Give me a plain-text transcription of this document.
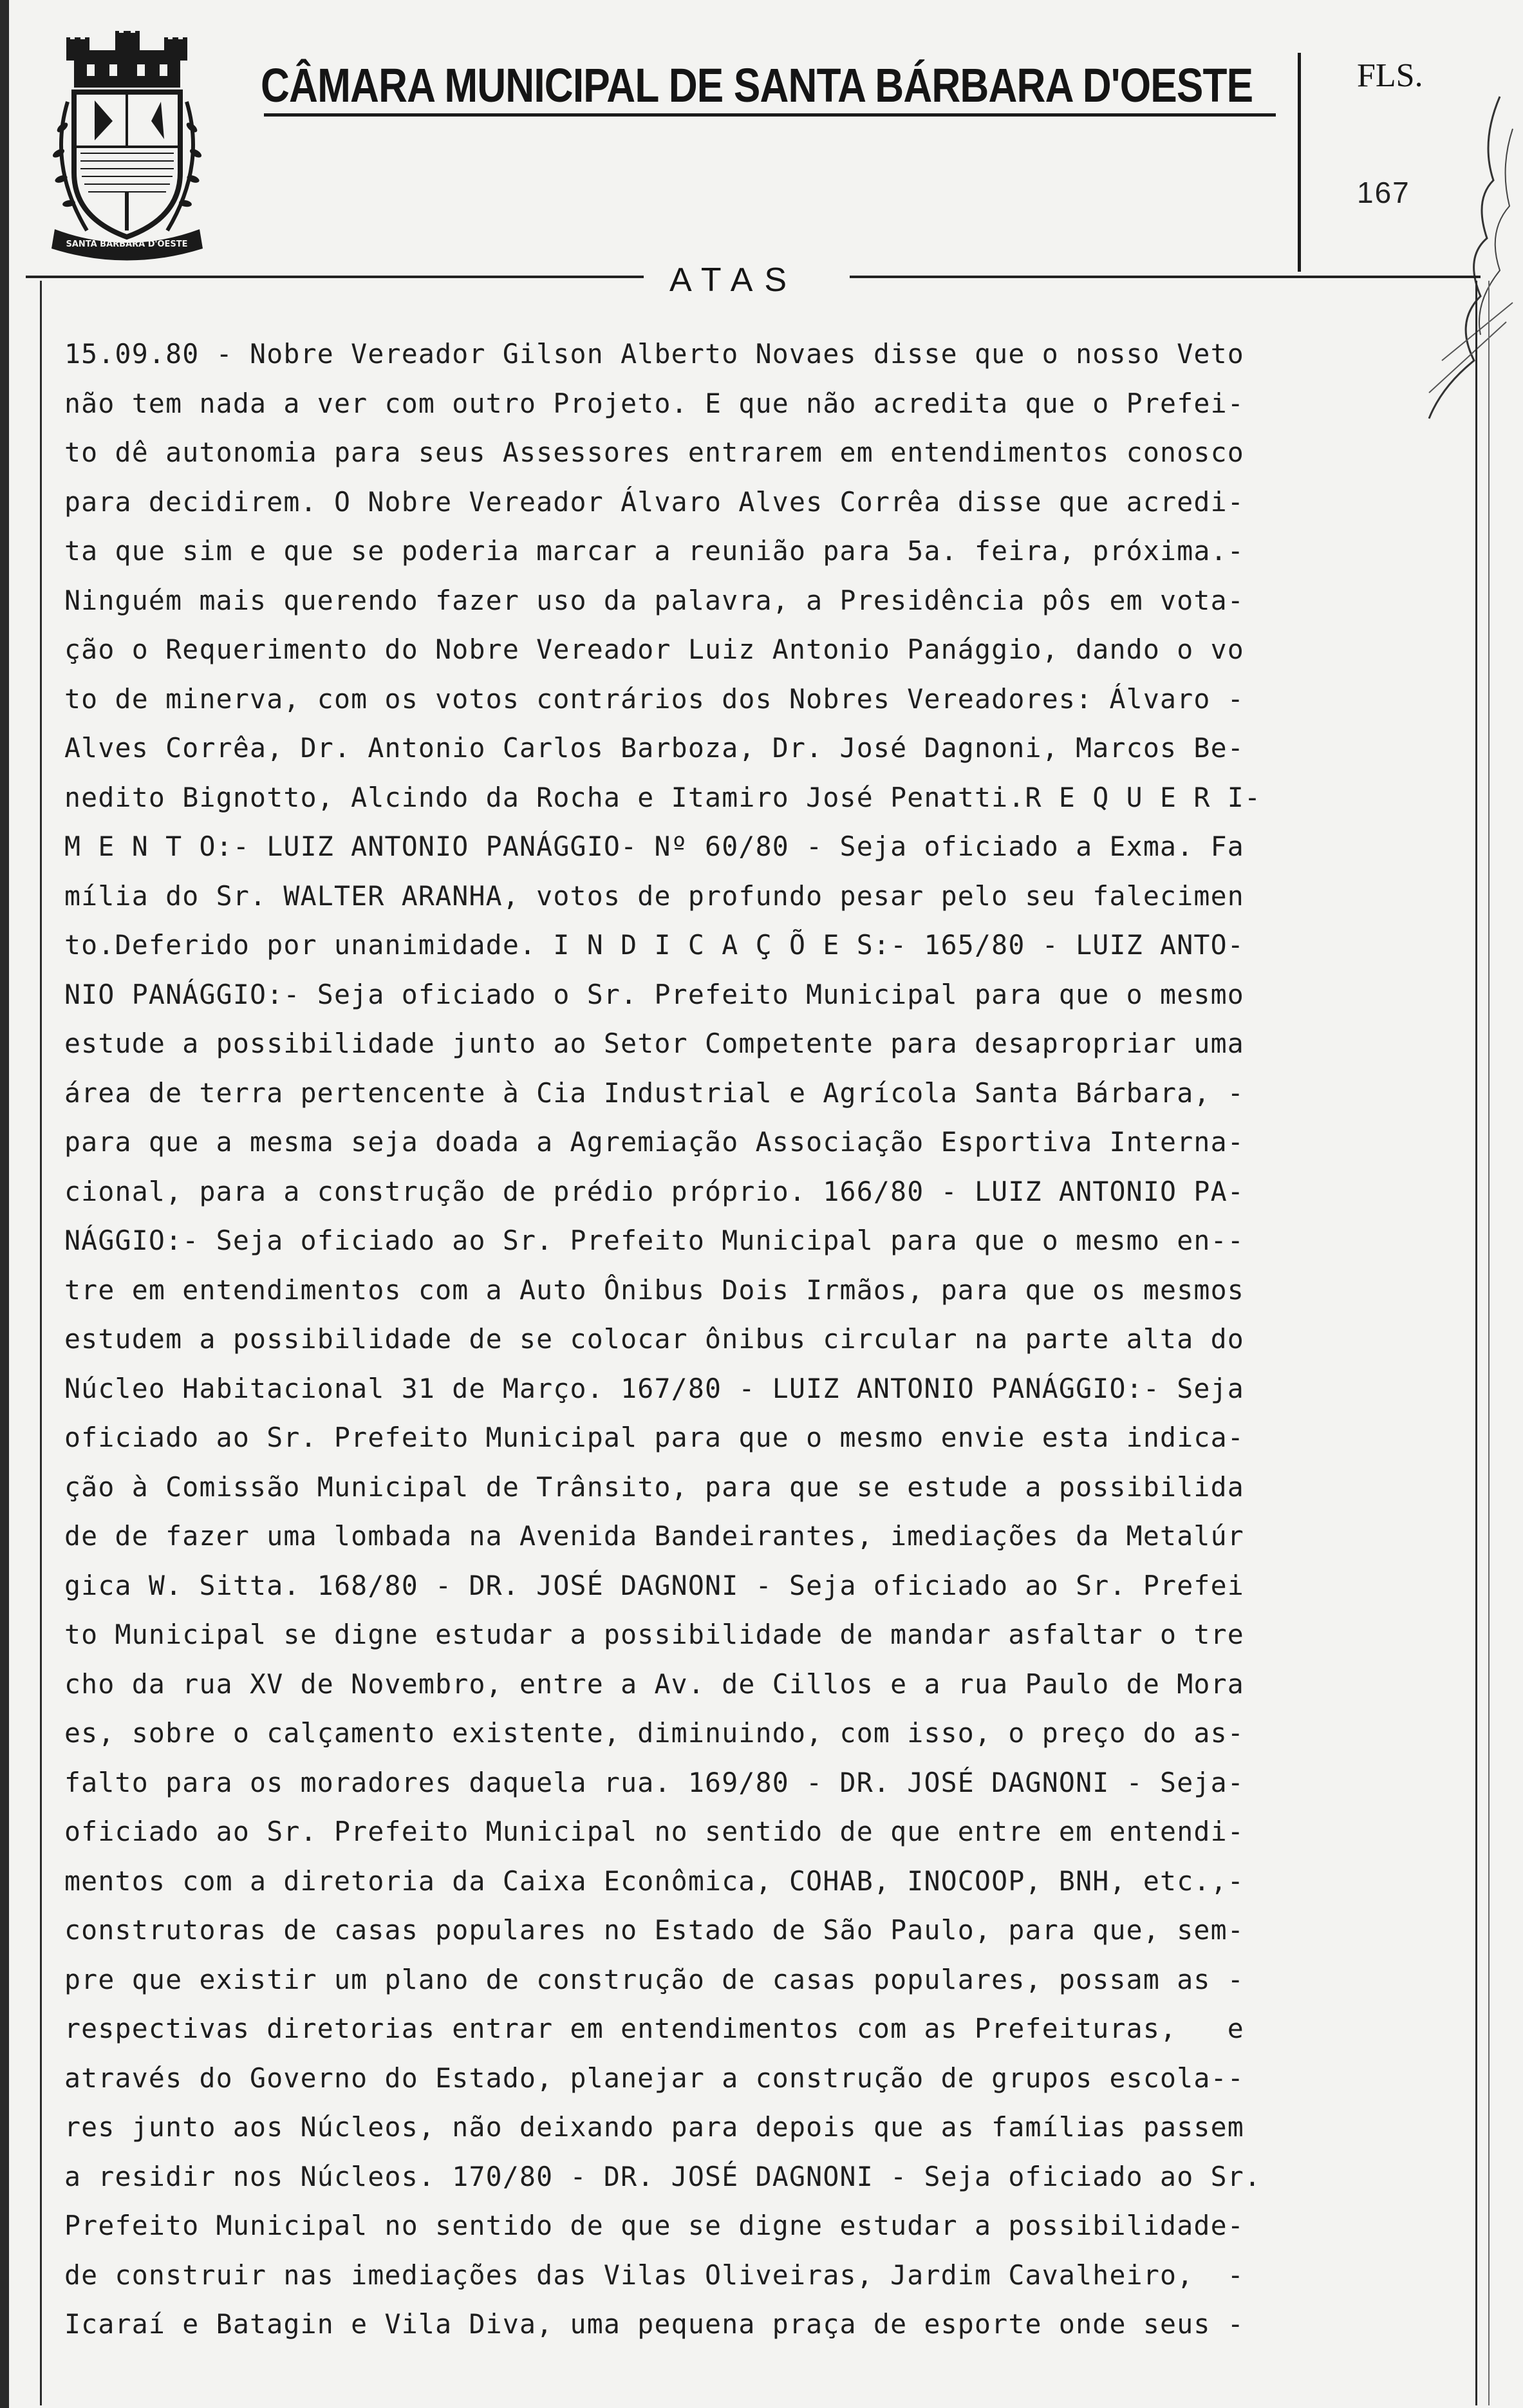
SANTA BARBARA D'OESTE
CÂMARA MUNICIPAL DE SANTA BÁRBARA D'OESTE	FLS.
167
ATAS
15.09.80 - Nobre Vereador Gilson Alberto Novaes disse que o nosso Veto
não tem nada a ver com outro Projeto. E que não acredita que o Prefei-
to dê autonomia para seus Assessores entrarem em entendimentos conosco
para decidirem. O Nobre Vereador Álvaro Alves Corrêa disse que acredi-
ta que sim e que se poderia marcar a reunião para 5a. feira, próxima.-
Ninguém mais querendo fazer uso da palavra, a Presidência pôs em vota-
ção o Requerimento do Nobre Vereador Luiz Antonio Panággio, dando o vo
to de minerva, com os votos contrários dos Nobres Vereadores: Álvaro -
Alves Corrêa, Dr. Antonio Carlos Barboza, Dr. José Dagnoni, Marcos Be-
nedito Bignotto, Alcindo da Rocha e Itamiro José Penatti.R E Q U E R I-
M E N T O:- LUIZ ANTONIO PANÁGGIO- Nº 60/80 - Seja oficiado a Exma. Fa
mília do Sr. WALTER ARANHA, votos de profundo pesar pelo seu falecimen
to.Deferido por unanimidade. I N D I C A Ç Õ E S:- 165/80 - LUIZ ANTO-
NIO PANÁGGIO:- Seja oficiado o Sr. Prefeito Municipal para que o mesmo
estude a possibilidade junto ao Setor Competente para desapropriar uma
área de terra pertencente à Cia Industrial e Agrícola Santa Bárbara, -
para que a mesma seja doada a Agremiação Associação Esportiva Interna-
cional, para a construção de prédio próprio. 166/80 - LUIZ ANTONIO PA-
NÁGGIO:- Seja oficiado ao Sr. Prefeito Municipal para que o mesmo en--
tre em entendimentos com a Auto Ônibus Dois Irmãos, para que os mesmos
estudem a possibilidade de se colocar ônibus circular na parte alta do
Núcleo Habitacional 31 de Março. 167/80 - LUIZ ANTONIO PANÁGGIO:- Seja
oficiado ao Sr. Prefeito Municipal para que o mesmo envie esta indica-
ção à Comissão Municipal de Trânsito, para que se estude a possibilida
de de fazer uma lombada na Avenida Bandeirantes, imediações da Metalúr
gica W. Sitta. 168/80 - DR. JOSÉ DAGNONI - Seja oficiado ao Sr. Prefei
to Municipal se digne estudar a possibilidade de mandar asfaltar o tre
cho da rua XV de Novembro, entre a Av. de Cillos e a rua Paulo de Mora
es, sobre o calçamento existente, diminuindo, com isso, o preço do as-
falto para os moradores daquela rua. 169/80 - DR. JOSÉ DAGNONI - Seja-
oficiado ao Sr. Prefeito Municipal no sentido de que entre em entendi-
mentos com a diretoria da Caixa Econômica, COHAB, INOCOOP, BNH, etc.,-
construtoras de casas populares no Estado de São Paulo, para que, sem-
pre que existir um plano de construção de casas populares, possam as -
respectivas diretorias entrar em entendimentos com as Prefeituras,   e
através do Governo do Estado, planejar a construção de grupos escola--
res junto aos Núcleos, não deixando para depois que as famílias passem
a residir nos Núcleos. 170/80 - DR. JOSÉ DAGNONI - Seja oficiado ao Sr.
Prefeito Municipal no sentido de que se digne estudar a possibilidade-
de construir nas imediações das Vilas Oliveiras, Jardim Cavalheiro,  -
Icaraí e Batagin e Vila Diva, uma pequena praça de esporte onde seus -
